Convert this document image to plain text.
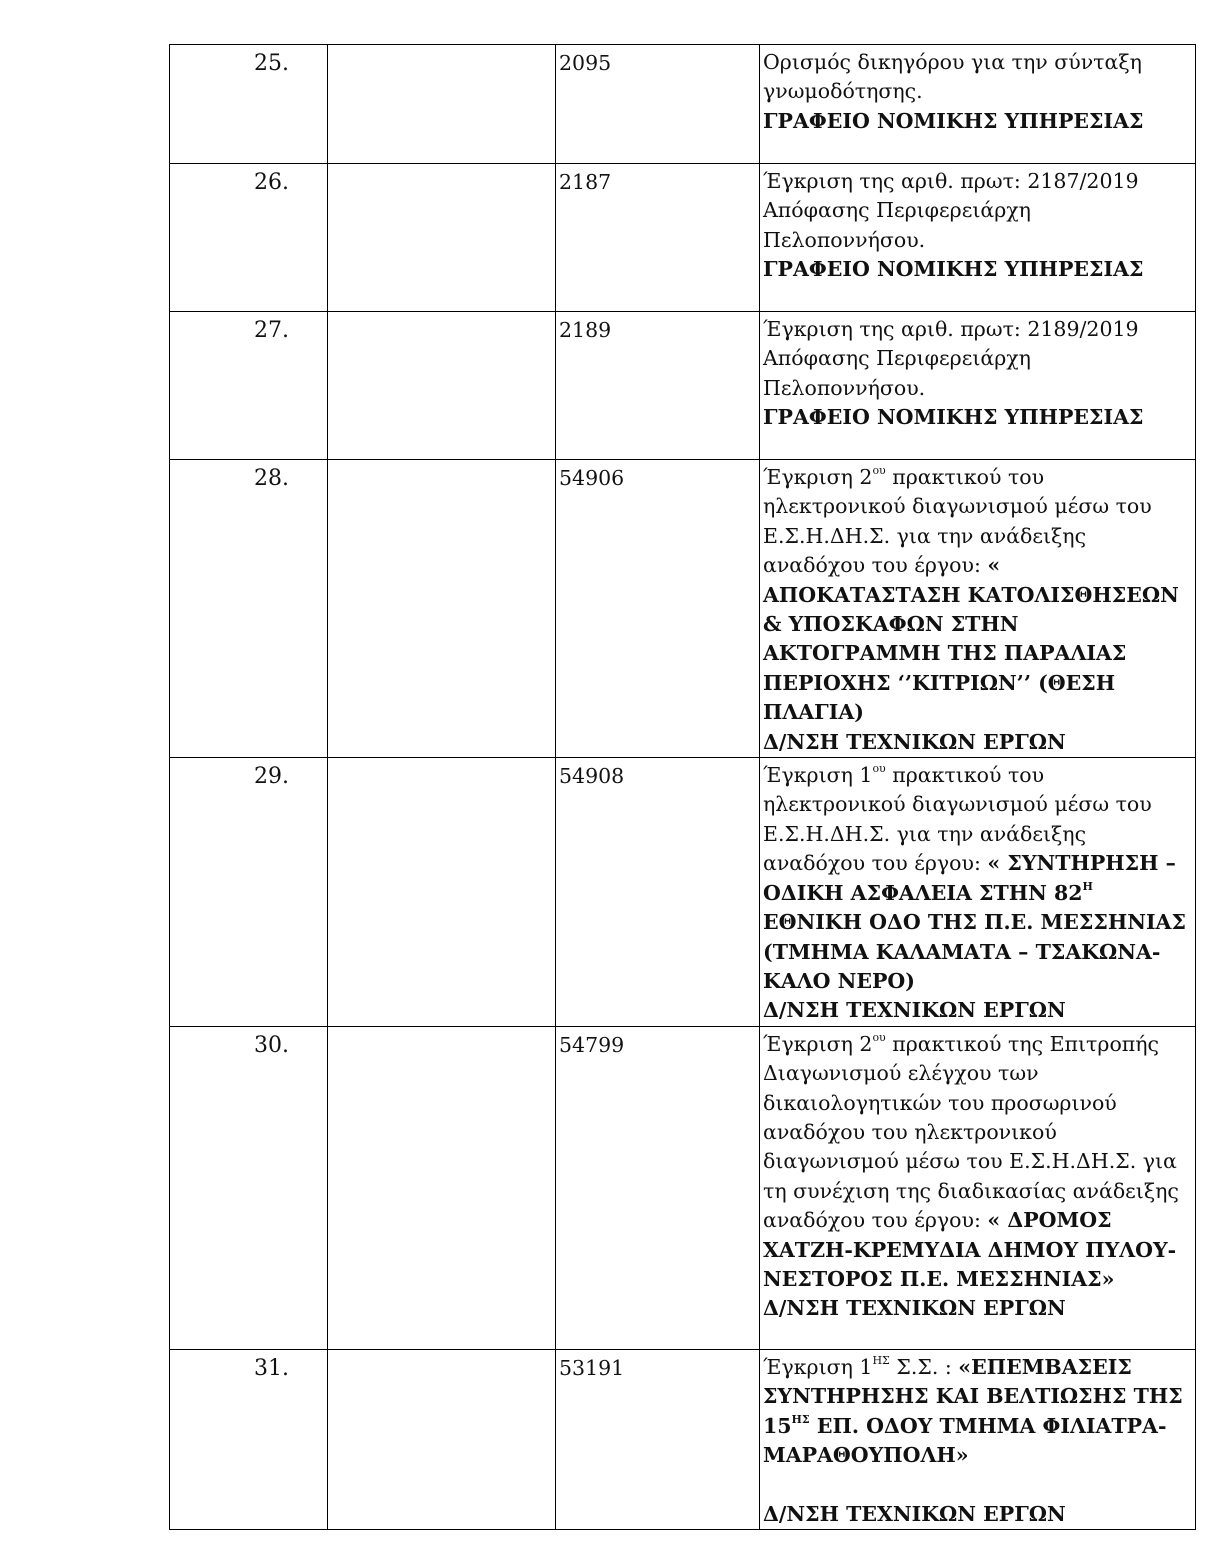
25.		2095	Ορισμός δικηγόρου για την σύνταξη γνωμοδότησης.
ΓΡΑΦΕΙΟ ΝΟΜΙΚΗΣ ΥΠΗΡΕΣΙΑΣ

26.		2187	Έγκριση της αριθ. πρωτ: 2187/2019 Απόφασης Περιφερειάρχη Πελοποννήσου.
ΓΡΑΦΕΙΟ ΝΟΜΙΚΗΣ ΥΠΗΡΕΣΙΑΣ

27.		2189	Έγκριση της αριθ. πρωτ: 2189/2019 Απόφασης Περιφερειάρχη Πελοποννήσου.
ΓΡΑΦΕΙΟ ΝΟΜΙΚΗΣ ΥΠΗΡΕΣΙΑΣ

28.		54906	Έγκριση $2^{o\upsilon}$ πρακτικού του ηλεκτρονικού διαγωνισμού μέσω του Ε.Σ.Η.ΔΗ.Σ. για την ανάδειξης αναδόχου του έργου: « ΑΠΟΚΑΤΑΣΤΑΣΗ ΚΑΤΟΛΙΣΘΗΣΕΩΝ & ΥΠΟΣΚΑΦΩΝ ΣΤΗΝ ΑΚΤΟΓΡΑΜΜΗ ΤΗΣ ΠΑΡΑΛΙΑΣ ΠΕΡΙΟΧΗΣ ‘’ΚΙΤΡΙΩΝ’’ (ΘΕΣΗ ΠΛΑΓΙΑ)
Δ/ΝΣΗ ΤΕΧΝΙΚΩΝ ΕΡΓΩΝ

29.		54908	Έγκριση $1^{o\upsilon}$ πρακτικού του ηλεκτρονικού διαγωνισμού μέσω του Ε.Σ.Η.ΔΗ.Σ. για την ανάδειξης αναδόχου του έργου: « ΣΥΝΤΗΡΗΣΗ –ΟΔΙΚΗ ΑΣΦΑΛΕΙΑ ΣΤΗΝ $82^H$ ΕΘΝΙΚΗ ΟΔΟ ΤΗΣ Π.Ε. ΜΕΣΣΗΝΙΑΣ (ΤΜΗΜΑ ΚΑΛΑΜΑΤΑ – ΤΣΑΚΩΝΑ-ΚΑΛΟ ΝΕΡΟ)
Δ/ΝΣΗ ΤΕΧΝΙΚΩΝ ΕΡΓΩΝ

30.		54799	Έγκριση $2^{o\upsilon}$ πρακτικού της Επιτροπής Διαγωνισμού ελέγχου των δικαιολογητικών του προσωρινού αναδόχου του ηλεκτρονικού διαγωνισμού μέσω του Ε.Σ.Η.ΔΗ.Σ. για τη συνέχιση της διαδικασίας ανάδειξης αναδόχου του έργου: « ΔΡΟΜΟΣ ΧΑΤΖΗ-ΚΡΕΜΥΔΙΑ ΔΗΜΟΥ ΠΥΛΟΥ-ΝΕΣΤΟΡΟΣ Π.Ε. ΜΕΣΣΗΝΙΑΣ»
Δ/ΝΣΗ ΤΕΧΝΙΚΩΝ ΕΡΓΩΝ

31.		53191	Έγκριση $1^{H\Sigma}$ Σ.Σ. : «ΕΠΕΜΒΑΣΕΙΣ ΣΥΝΤΗΡΗΣΗΣ ΚΑΙ ΒΕΛΤΙΩΣΗΣ ΤΗΣ $15^{H\Sigma}$ ΕΠ. ΟΔΟΥ ΤΜΗΜΑ ΦΙΛΙΑΤΡΑ-ΜΑΡΑΘΟΥΠΟΛΗ»
Δ/ΝΣΗ ΤΕΧΝΙΚΩΝ ΕΡΓΩΝ
